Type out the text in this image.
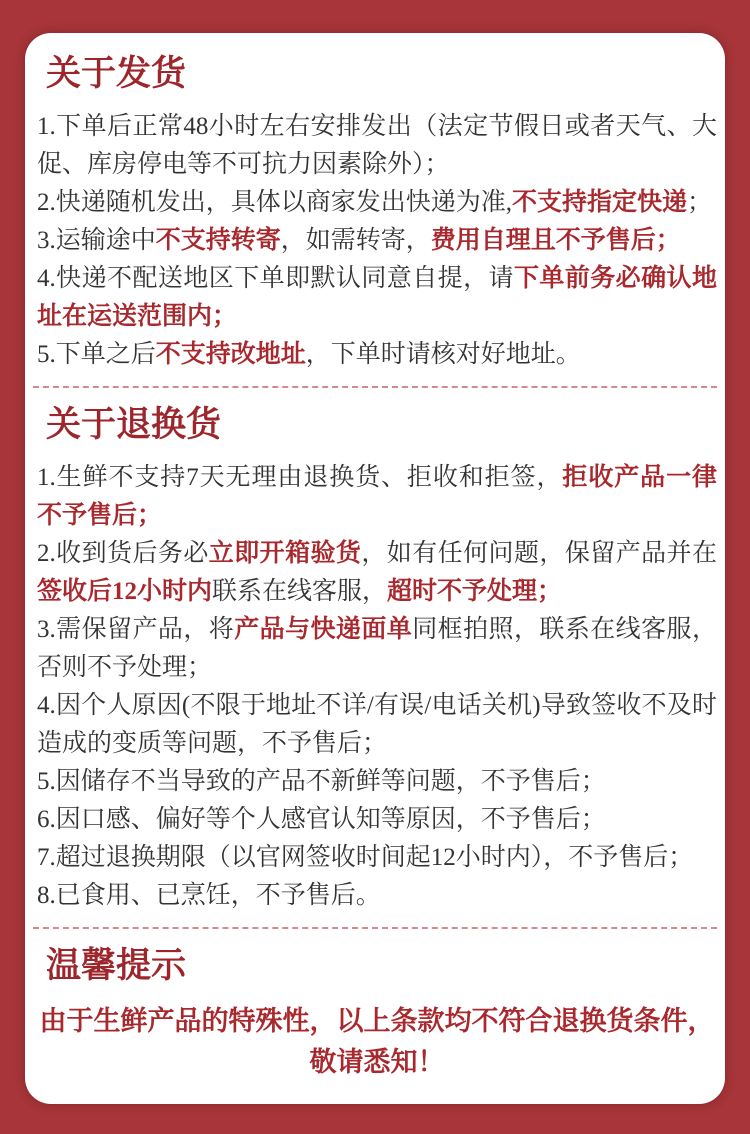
关于发货

1.下单后正常48小时左右安排发出（法定节假日或者天气、大促、库房停电等不可抗力因素除外）；

2.快递随机发出，具体以商家发出快递为准,不支持指定快递；

3.运输途中不支持转寄，如需转寄，费用自理且不予售后；

4.快递不配送地区下单即默认同意自提，请下单前务必确认地址在运送范围内；

5.下单之后不支持改地址，下单时请核对好地址。

关于退换货

1.生鲜不支持7天无理由退换货、拒收和拒签，拒收产品一律不予售后；

2.收到货后务必立即开箱验货，如有任何问题，保留产品并在签收后12小时内联系在线客服，超时不予处理；

3.需保留产品，将产品与快递面单同框拍照，联系在线客服，否则不予处理；

4.因个人原因(不限于地址不详/有误/电话关机)导致签收不及时造成的变质等问题，不予售后；

5.因储存不当导致的产品不新鲜等问题，不予售后；

6.因口感、偏好等个人感官认知等原因，不予售后；

7.超过退换期限（以官网签收时间起12小时内），不予售后；

8.已食用、已烹饪，不予售后。

温馨提示
由于生鲜产品的特殊性，以上条款均不符合退换货条件，
敬请悉知！
